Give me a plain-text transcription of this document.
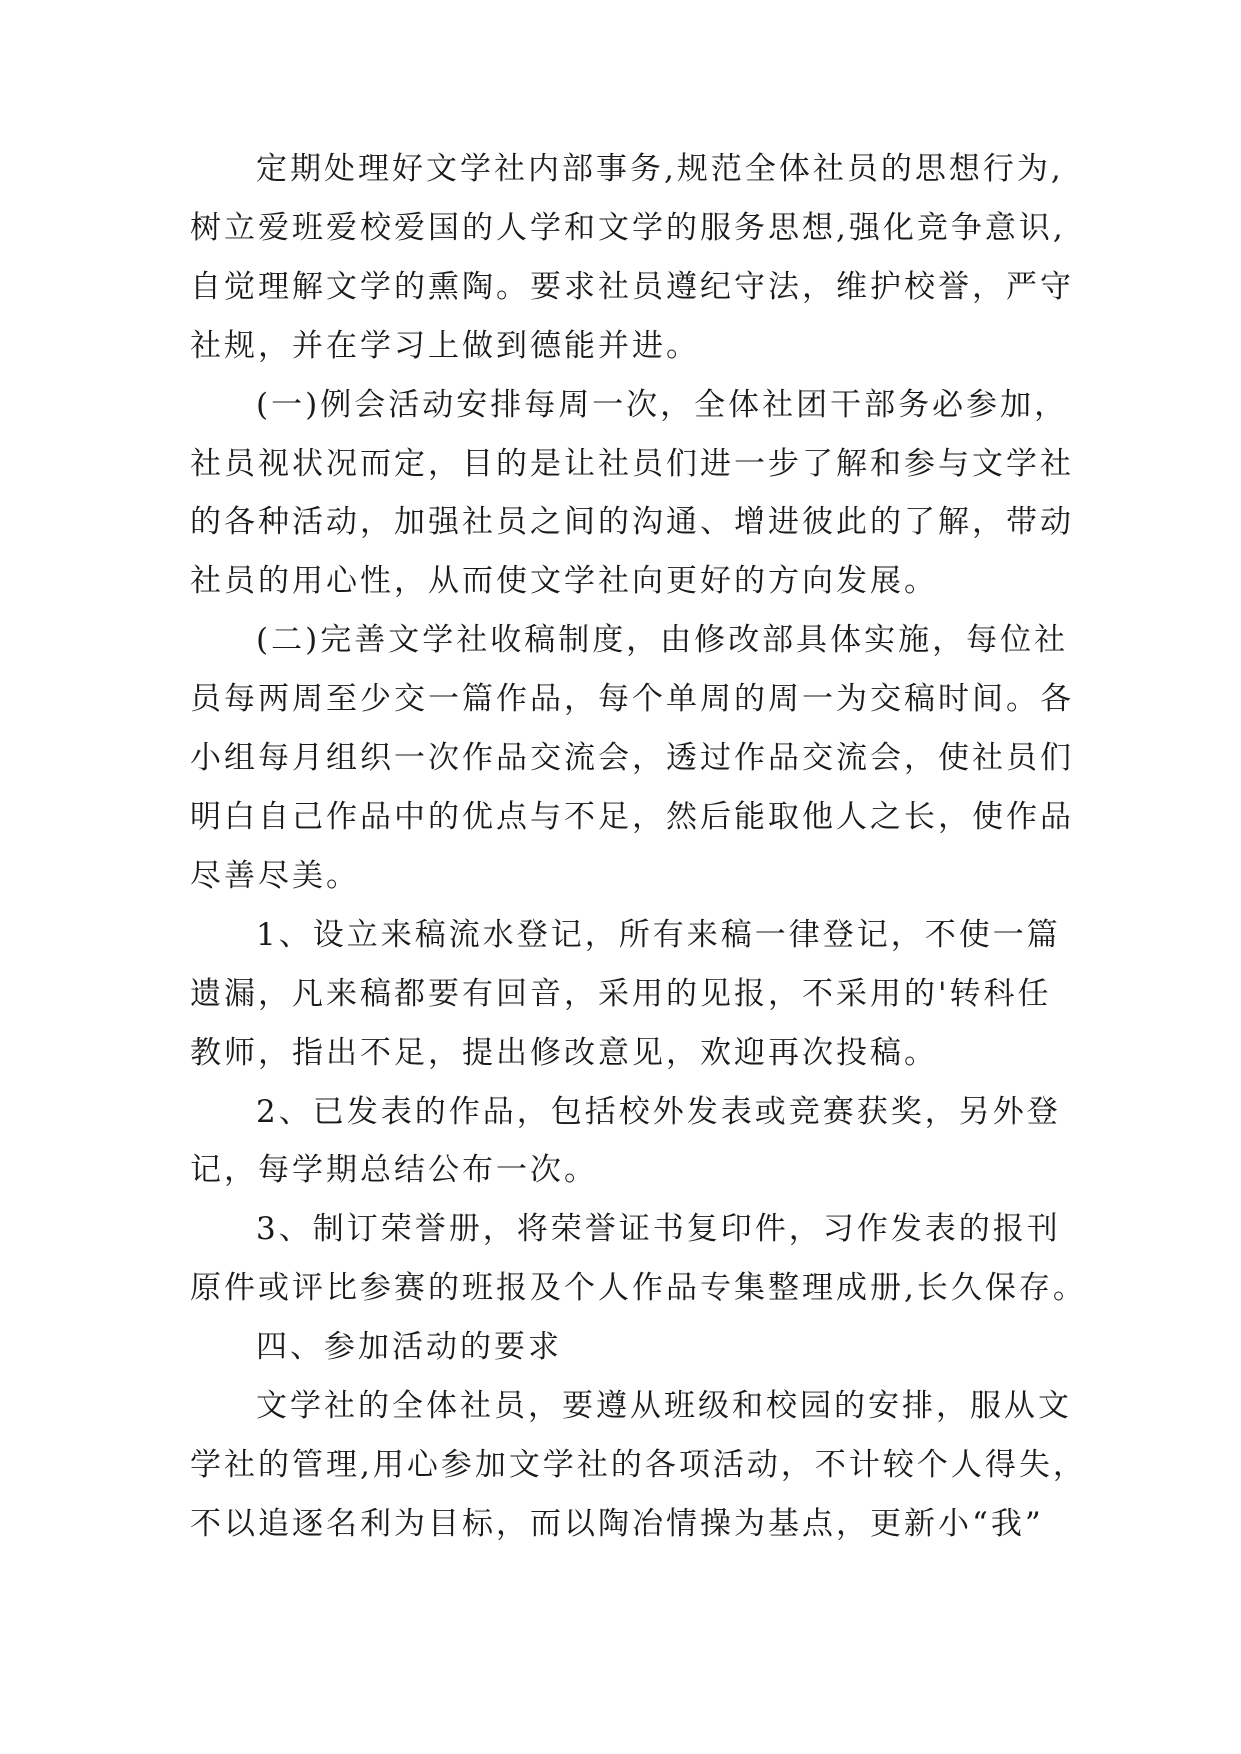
定期处理好文学社内部事务,规范全体社员的思想行为,
树立爱班爱校爱国的人学和文学的服务思想,强化竞争意识,
自觉理解文学的熏陶。要求社员遵纪守法，维护校誉，严守
社规，并在学习上做到德能并进。
(一)例会活动安排每周一次，全体社团干部务必参加，
社员视状况而定，目的是让社员们进一步了解和参与文学社
的各种活动，加强社员之间的沟通、增进彼此的了解，带动
社员的用心性，从而使文学社向更好的方向发展。
(二)完善文学社收稿制度，由修改部具体实施，每位社
员每两周至少交一篇作品，每个单周的周一为交稿时间。各
小组每月组织一次作品交流会，透过作品交流会，使社员们
明白自己作品中的优点与不足，然后能取他人之长，使作品
尽善尽美。
1、设立来稿流水登记，所有来稿一律登记，不使一篇
遗漏，凡来稿都要有回音，采用的见报，不采用的'转科任
教师，指出不足，提出修改意见，欢迎再次投稿。
2、已发表的作品，包括校外发表或竞赛获奖，另外登
记，每学期总结公布一次。
3、制订荣誉册，将荣誉证书复印件，习作发表的报刊
原件或评比参赛的班报及个人作品专集整理成册,长久保存。
四、参加活动的要求
文学社的全体社员，要遵从班级和校园的安排，服从文
学社的管理,用心参加文学社的各项活动，不计较个人得失，
不以追逐名利为目标，而以陶冶情操为基点，更新小“我”
